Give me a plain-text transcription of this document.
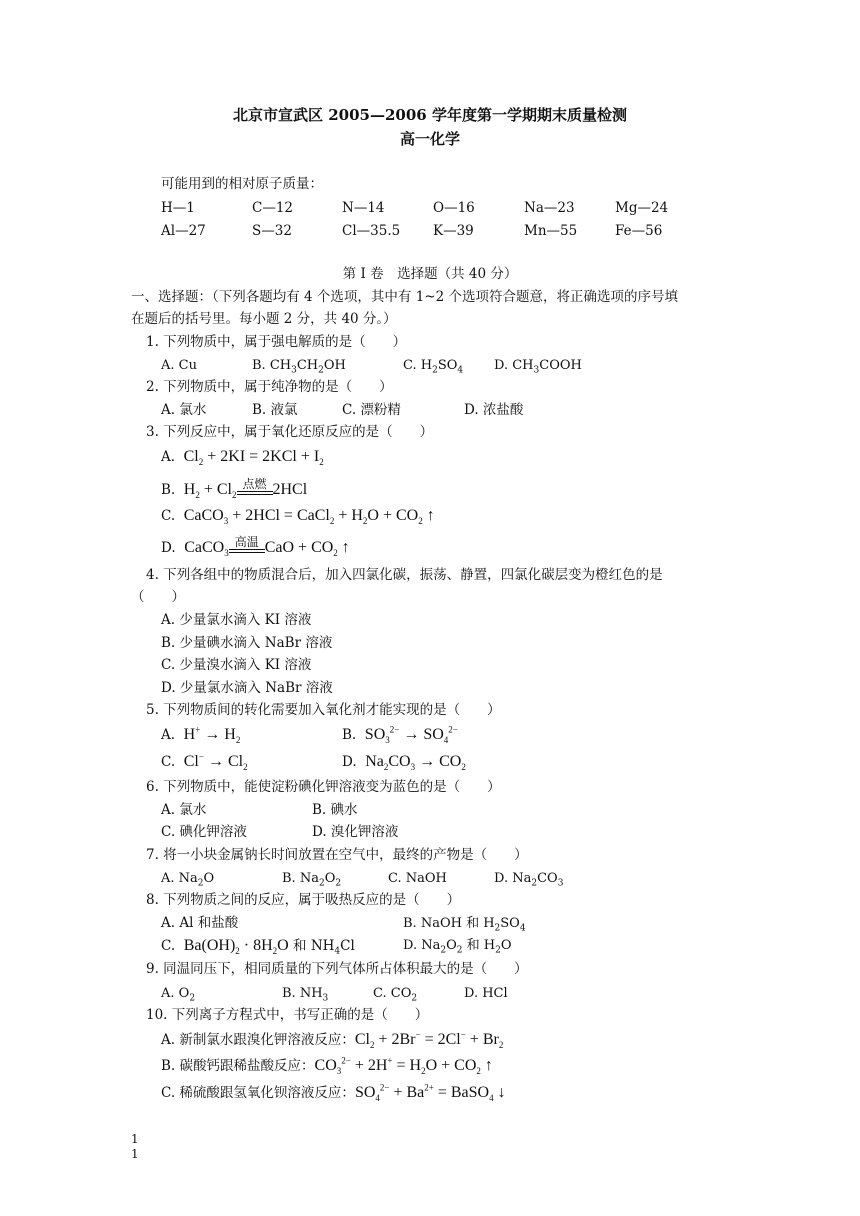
北京市宣武区 2005—2006 学年度第一学期期末质量检测
高一化学
可能用到的相对原子质量：
H—1	C—12	N—14	O—16	Na—23	Mg—24
Al—27	S—32	Cl—35.5 K—39	Mn—55	Fe—56
第 I 卷　选择题（共 40 分）
一、选择题：（下列各题均有 4 个选项，其中有 1~2 个选项符合题意，将正确选项的序号填
在题后的括号里。每小题 2 分，共 40 分。）
1. 下列物质中，属于强电解质的是（　　）
A. Cu	B. $CH_3CH_2OH$	C. $H_2SO_4$ D. $CH_3COOH$
2. 下列物质中，属于纯净物的是（　　）
A. 氯水	B. 液氯	C. 漂粉精	D. 浓盐酸
3. 下列反应中，属于氧化还原反应的是（　　）
A.  $Cl_2 + 2KI = 2KCl + I_2$
B.  $H_2 + Cl_2$
点燃 2HCl
C.  CaCO$_3$ + 2HCl = CaCl$_2$ + $H_2O + CO_2$ ↑
D.  CaCO$_3$
高温 CaO + $CO_2$ ↑
4. 下列各组中的物质混合后，加入四氯化碳，振荡、静置，四氯化碳层变为橙红色的是
（　　）
A. 少量氯水滴入 KI 溶液
B. 少量碘水滴入 NaBr 溶液
C. 少量溴水滴入 KI 溶液
D. 少量氯水滴入 NaBr 溶液
5. 下列物质间的转化需要加入氧化剂才能实现的是（　　）
A.  $H^+ \to H_2$	B.  $SO_3^{2-} \to SO_4^{2-}$
C.  $Cl^- \to Cl_2$	D.  $Na_2CO_3 \to CO_2$
6. 下列物质中，能使淀粉碘化钾溶液变为蓝色的是（　　）
A. 氯水	B. 碘水
C. 碘化钾溶液	D. 溴化钾溶液
7. 将一小块金属钠长时间放置在空气中，最终的产物是（　　）
A. $Na_2O$	B. $Na_2O_2$	C. NaOH	D. $Na_2CO_3$
8. 下列物质之间的反应，属于吸热反应的是（　　）
A. Al 和盐酸	B. NaOH 和 $H_2SO_4$
C.  $Ba(OH)_2 \cdot 8H_2O$ 和 $NH_4Cl$	D. $Na_2O_2$ 和 $H_2O$
9. 同温同压下，相同质量的下列气体所占体积最大的是（　　）
A. $O_2$	B. $NH_3$	C. $CO_2$	D. HCl
10. 下列离子方程式中，书写正确的是（　　）
A. 新制氯水跟溴化钾溶液反应：$Cl_2 + 2Br^- = 2Cl^- + Br_2$
B. 碳酸钙跟稀盐酸反应：$CO_3^{2-} + 2H^+ = H_2O + CO_2$ ↑
C. 稀硫酸跟氢氧化钡溶液反应：$SO_4^{2-} + Ba^{2+}$ = BaSO$_4$ ↓
1
1
